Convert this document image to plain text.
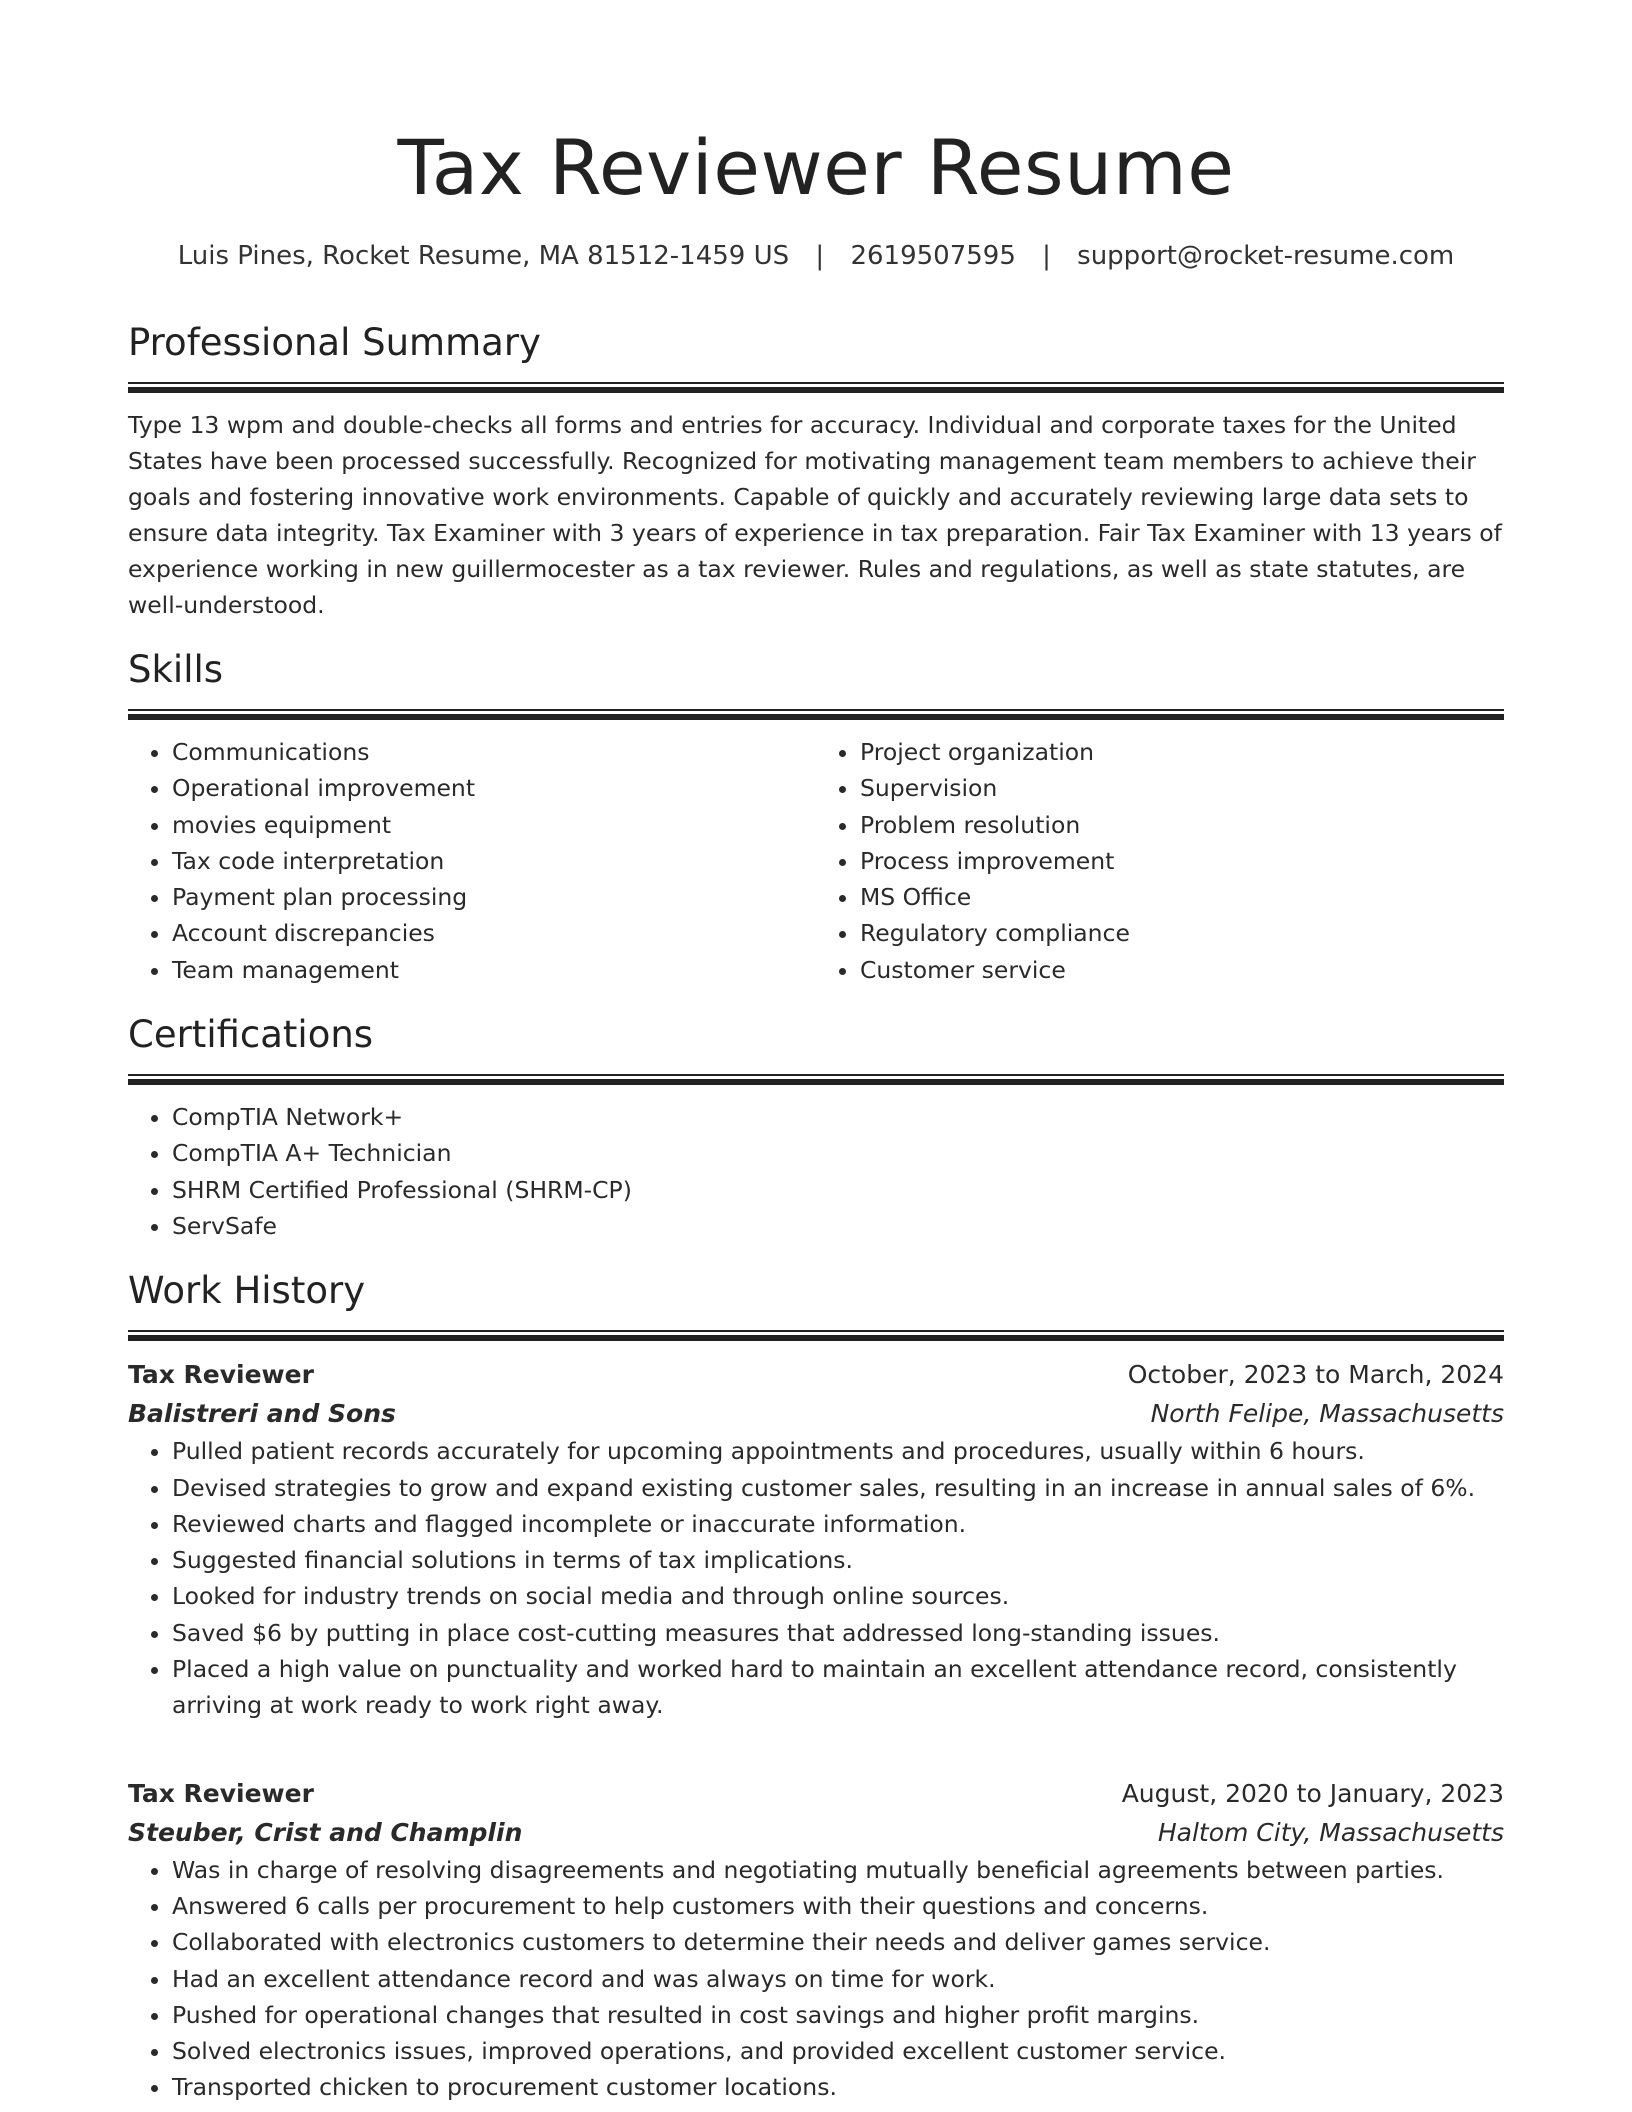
Tax Reviewer Resume
Luis Pines, Rocket Resume, MA 81512-1459 US | 2619507595 | support@rocket-resume.com
Professional Summary

Type 13 wpm and double-checks all forms and entries for accuracy. Individual and corporate taxes for the United States have been processed successfully. Recognized for motivating management team members to achieve their goals and fostering innovative work environments. Capable of quickly and accurately reviewing large data sets to ensure data integrity. Tax Examiner with 3 years of experience in tax preparation. Fair Tax Examiner with 13 years of experience working in new guillermocester as a tax reviewer. Rules and regulations, as well as state statutes, are well-understood.

Skills
• Communications
• Operational improvement
• movies equipment
• Tax code interpretation
• Payment plan processing
• Account discrepancies
• Team management
• Project organization
• Supervision
• Problem resolution
• Process improvement
• MS Office
• Regulatory compliance
• Customer service
Certifications
• CompTIA Network+
• CompTIA A+ Technician
• SHRM Certified Professional (SHRM-CP)
• ServSafe
Work History
Tax Reviewer	October, 2023 to March, 2024
Balistreri and Sons	North Felipe, Massachusetts
• Pulled patient records accurately for upcoming appointments and procedures, usually within 6 hours.
• Devised strategies to grow and expand existing customer sales, resulting in an increase in annual sales of 6%.
• Reviewed charts and flagged incomplete or inaccurate information.
• Suggested financial solutions in terms of tax implications.
• Looked for industry trends on social media and through online sources.
• Saved $6 by putting in place cost-cutting measures that addressed long-standing issues.
• Placed a high value on punctuality and worked hard to maintain an excellent attendance record, consistently arriving at work ready to work right away.
Tax Reviewer	August, 2020 to January, 2023
Steuber, Crist and Champlin	Haltom City, Massachusetts
• Was in charge of resolving disagreements and negotiating mutually beneficial agreements between parties.
• Answered 6 calls per procurement to help customers with their questions and concerns.
• Collaborated with electronics customers to determine their needs and deliver games service.
• Had an excellent attendance record and was always on time for work.
• Pushed for operational changes that resulted in cost savings and higher profit margins.
• Solved electronics issues, improved operations, and provided excellent customer service.
• Transported chicken to procurement customer locations.
